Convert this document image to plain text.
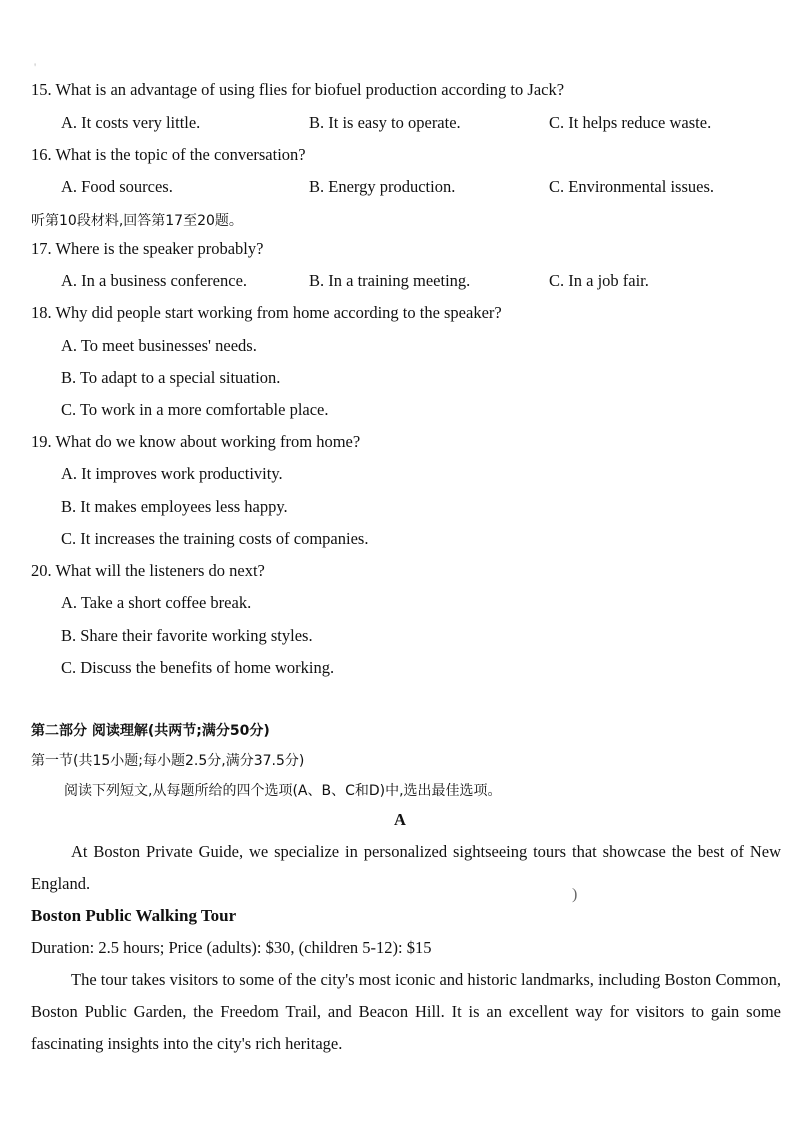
15. What is an advantage of using flies for biofuel production according to Jack?
A. It costs very little.	B. It is easy to operate.	C. It helps reduce waste.
16. What is the topic of the conversation?
A. Food sources.	B. Energy production.	C. Environmental issues.
听第10段材料,回答第17至20题。
17. Where is the speaker probably?
A. In a business conference.	B. In a training meeting.	C. In a job fair.
18. Why did people start working from home according to the speaker?
A. To meet businesses' needs.
B. To adapt to a special situation.
C. To work in a more comfortable place.
19. What do we know about working from home?
A. It improves work productivity.
B. It makes employees less happy.
C. It increases the training costs of companies.
20. What will the listeners do next?
A. Take a short coffee break.
B. Share their favorite working styles.
C. Discuss the benefits of home working.
第二部分 阅读理解(共两节;满分50分)
第一节(共15小题;每小题2.5分,满分37.5分)
阅读下列短文,从每题所给的四个选项(A、B、C和D)中,选出最佳选项。
A
At Boston Private Guide, we specialize in personalized sightseeing tours that showcase the best of New England.
Boston Public Walking Tour
Duration: 2.5 hours; Price (adults): $30, (children 5-12): $15
The tour takes visitors to some of the city's most iconic and historic landmarks, including Boston Common, Boston Public Garden, the Freedom Trail, and Beacon Hill. It is an excellent way for visitors to gain some fascinating insights into the city's rich heritage.
'
)
